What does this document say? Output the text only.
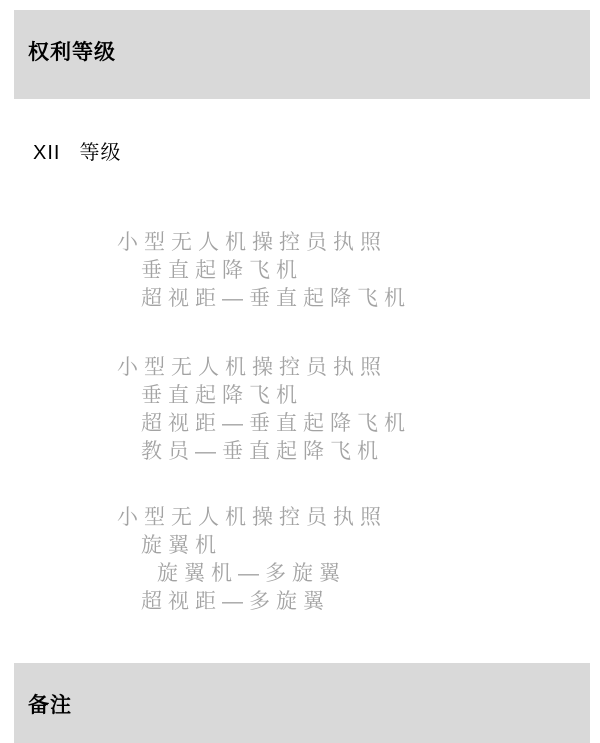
权利等级
XII 等级
小型无人机操控员执照
垂直起降飞机
超视距—垂直起降飞机
小型无人机操控员执照
垂直起降飞机
超视距—垂直起降飞机
教员—垂直起降飞机
小型无人机操控员执照
旋翼机
旋翼机—多旋翼
超视距—多旋翼
备注
